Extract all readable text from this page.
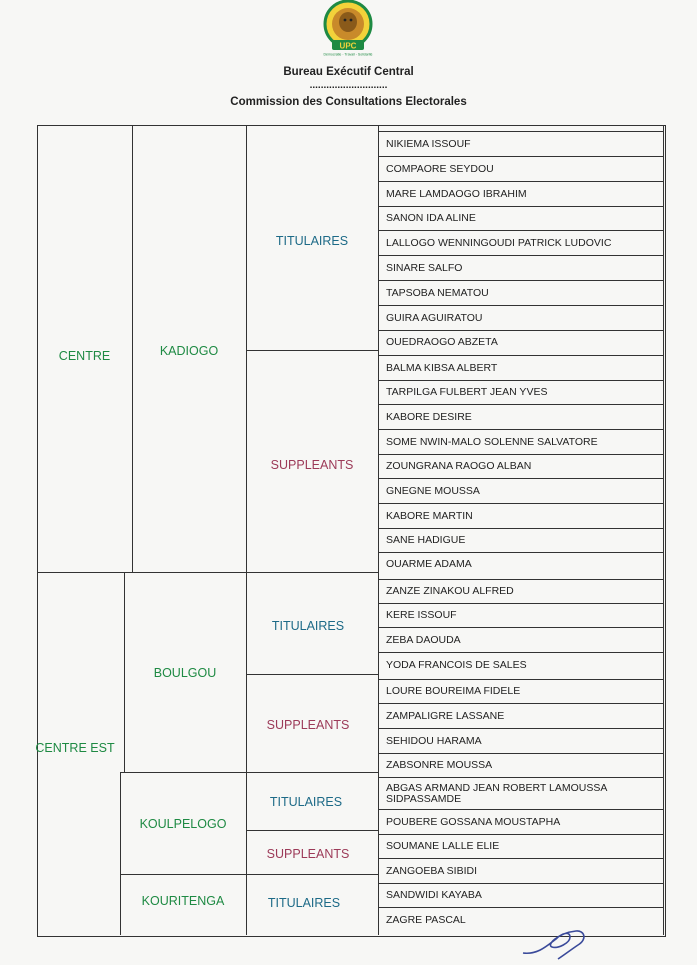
UPC
Démocratie - Travail - Solidarité
Bureau Exécutif Central
............................
Commission des Consultations Electorales
CENTRE
CENTRE EST
KADIOGO
BOULGOU
KOULPELOGO
KOURITENGA
TITULAIRES
SUPPLEANTS
TITULAIRES
SUPPLEANTS
TITULAIRES
SUPPLEANTS
TITULAIRES
NIKIEMA ISSOUF
COMPAORE SEYDOU
MARE LAMDAOGO IBRAHIM
SANON IDA ALINE
LALLOGO WENNINGOUDI PATRICK LUDOVIC
SINARE SALFO
TAPSOBA NEMATOU
GUIRA AGUIRATOU
OUEDRAOGO ABZETA
BALMA KIBSA ALBERT
TARPILGA FULBERT JEAN YVES
KABORE DESIRE
SOME NWIN-MALO SOLENNE SALVATORE
ZOUNGRANA RAOGO ALBAN
GNEGNE MOUSSA
KABORE MARTIN
SANE HADIGUE
OUARME ADAMA
ZANZE ZINAKOU ALFRED
KERE ISSOUF
ZEBA DAOUDA
YODA FRANCOIS DE SALES
LOURE BOUREIMA FIDELE
ZAMPALIGRE LASSANE
SEHIDOU HARAMA
ZABSONRE MOUSSA
ABGAS ARMAND JEAN ROBERT LAMOUSSA SIDPASSAMDE
POUBERE GOSSANA MOUSTAPHA
SOUMANE LALLE ELIE
ZANGOEBA SIBIDI
SANDWIDI KAYABA
ZAGRE PASCAL
